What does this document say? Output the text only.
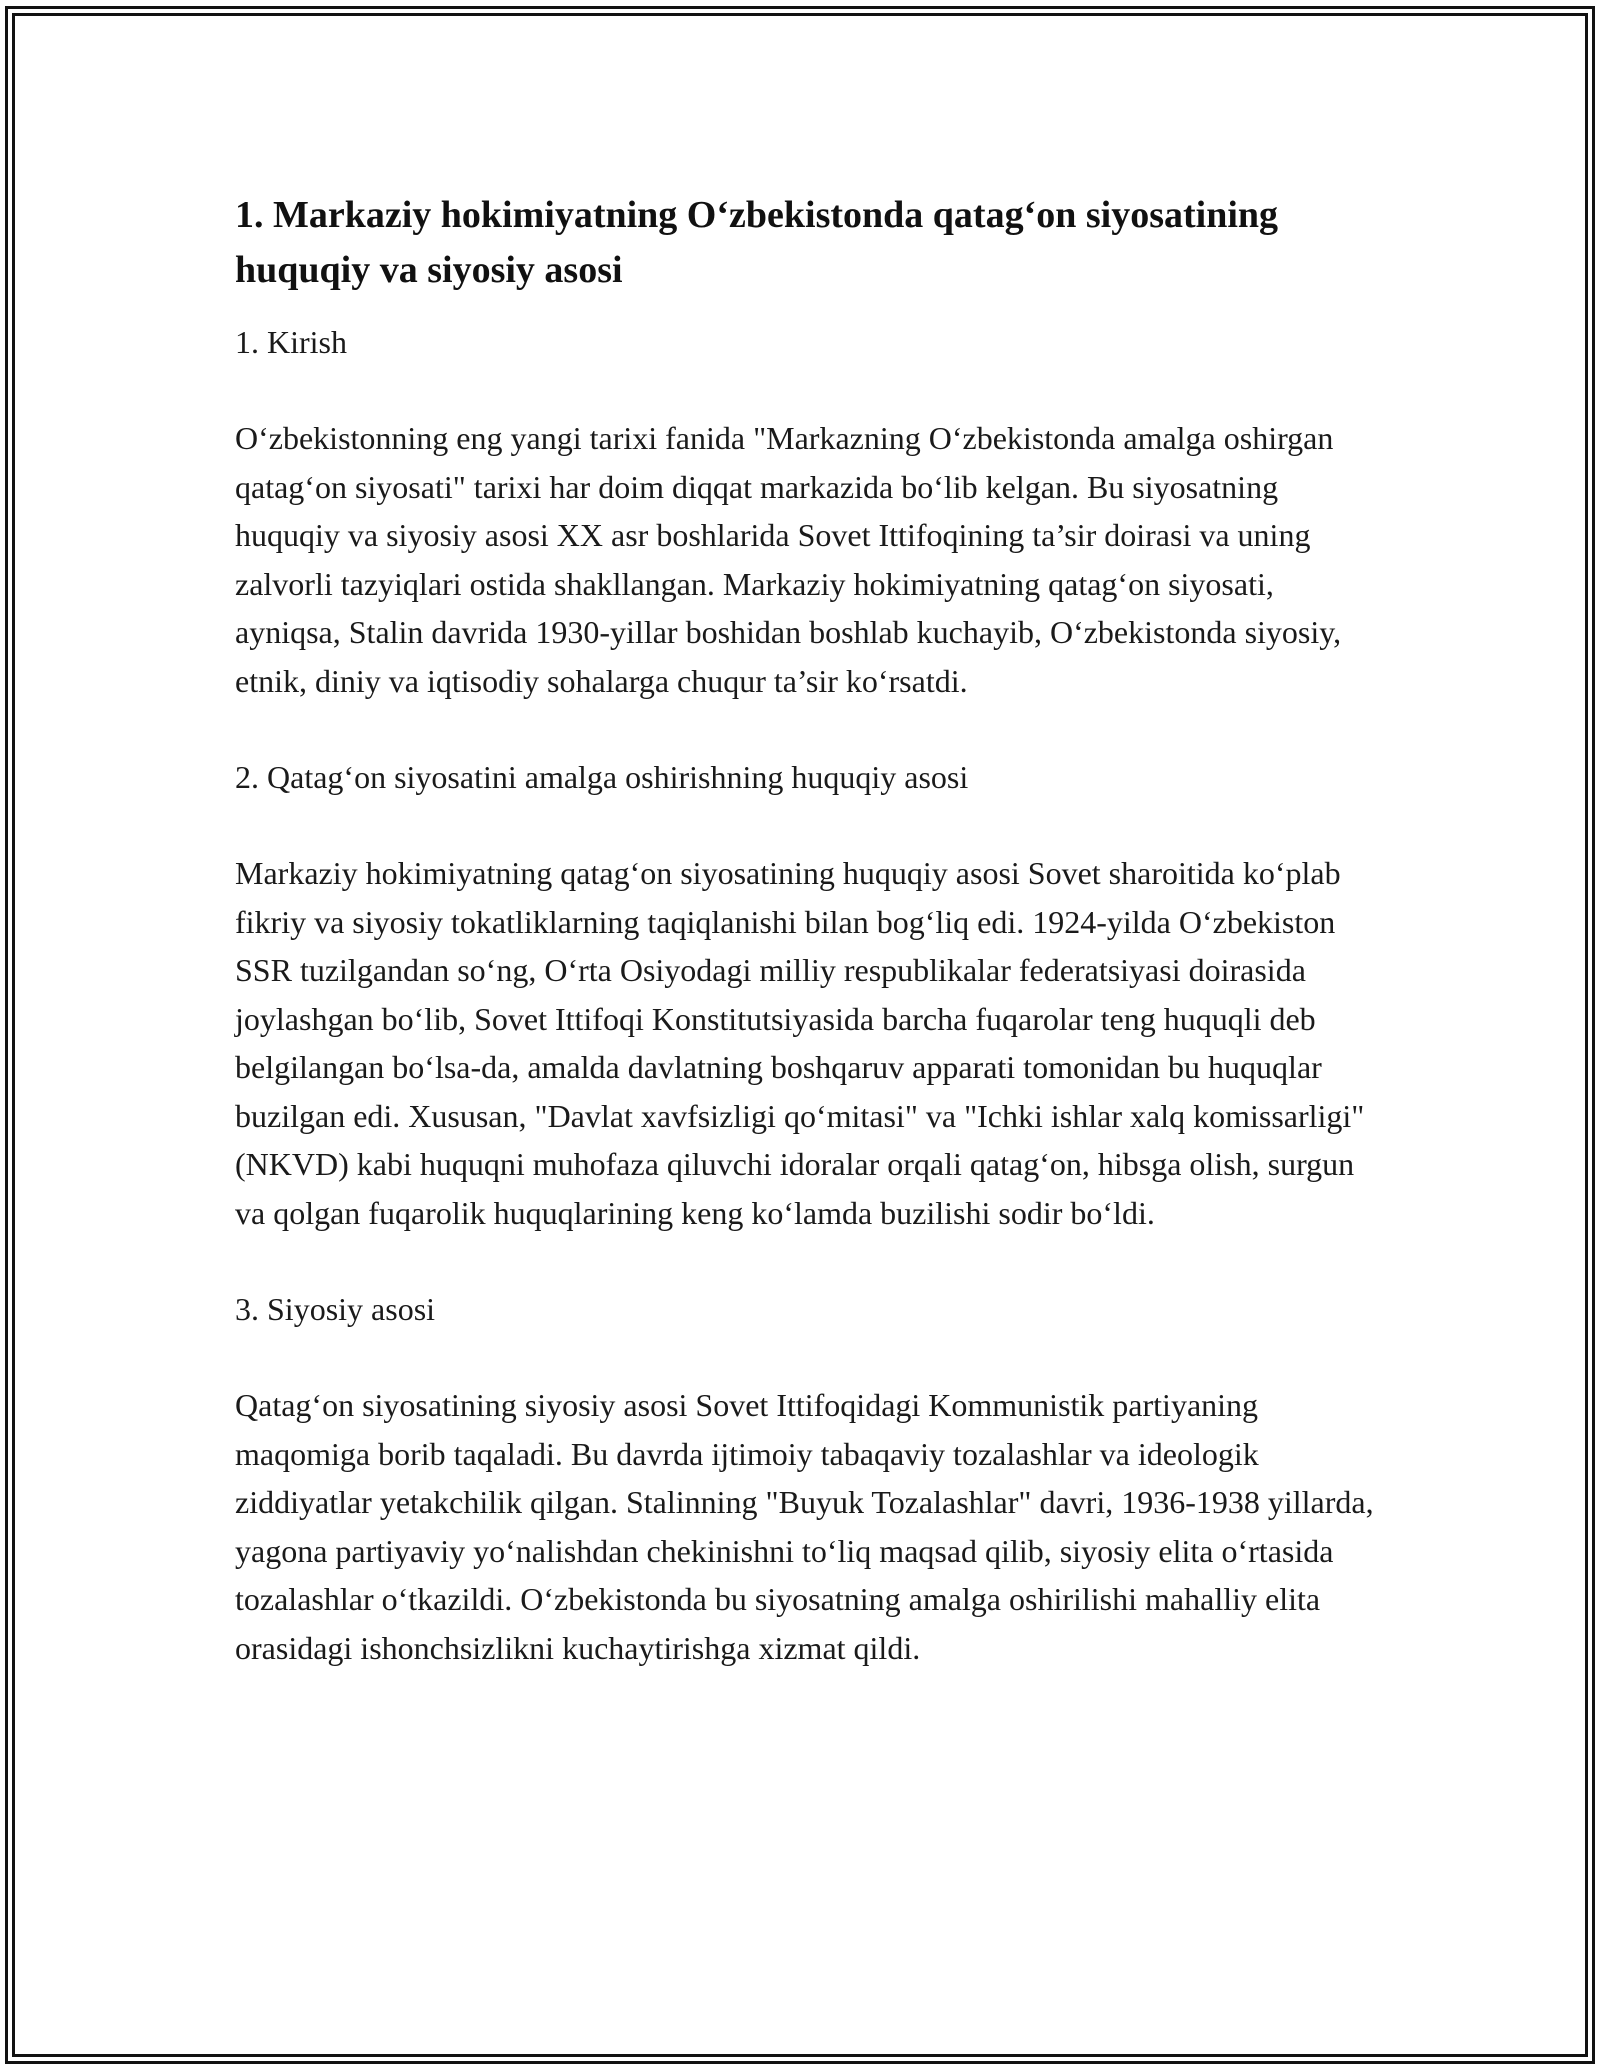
1. Markaziy hokimiyatning O‘zbekistonda qatag‘on siyosatining huquqiy va siyosiy asosi
1. Kirish

O‘zbekistonning eng yangi tarixi fanida "Markazning O‘zbekistonda amalga oshirgan qatag‘on siyosati" tarixi har doim diqqat markazida bo‘lib kelgan. Bu siyosatning huquqiy va siyosiy asosi XX asr boshlarida Sovet Ittifoqining ta’sir doirasi va uning zalvorli tazyiqlari ostida shakllangan. Markaziy hokimiyatning qatag‘on siyosati, ayniqsa, Stalin davrida 1930-yillar boshidan boshlab kuchayib, O‘zbekistonda siyosiy, etnik, diniy va iqtisodiy sohalarga chuqur ta’sir ko‘rsatdi.

2. Qatag‘on siyosatini amalga oshirishning huquqiy asosi

Markaziy hokimiyatning qatag‘on siyosatining huquqiy asosi Sovet sharoitida ko‘plab fikriy va siyosiy tokatliklarning taqiqlanishi bilan bog‘liq edi. 1924-yilda O‘zbekiston SSR tuzilgandan so‘ng, O‘rta Osiyodagi milliy respublikalar federatsiyasi doirasida joylashgan bo‘lib, Sovet Ittifoqi Konstitutsiyasida barcha fuqarolar teng huquqli deb belgilangan bo‘lsa-da, amalda davlatning boshqaruv apparati tomonidan bu huquqlar buzilgan edi. Xususan, "Davlat xavfsizligi qo‘mitasi" va "Ichki ishlar xalq komissarligi" (NKVD) kabi huquqni muhofaza qiluvchi idoralar orqali qatag‘on, hibsga olish, surgun va qolgan fuqarolik huquqlarining keng ko‘lamda buzilishi sodir bo‘ldi.

3. Siyosiy asosi

Qatag‘on siyosatining siyosiy asosi Sovet Ittifoqidagi Kommunistik partiyaning maqomiga borib taqaladi. Bu davrda ijtimoiy tabaqaviy tozalashlar va ideologik ziddiyatlar yetakchilik qilgan. Stalinning "Buyuk Tozalashlar" davri, 1936-1938 yillarda, yagona partiyaviy yo‘nalishdan chekinishni to‘liq maqsad qilib, siyosiy elita o‘rtasida tozalashlar o‘tkazildi. O‘zbekistonda bu siyosatning amalga oshirilishi mahalliy elita orasidagi ishonchsizlikni kuchaytirishga xizmat qildi.
